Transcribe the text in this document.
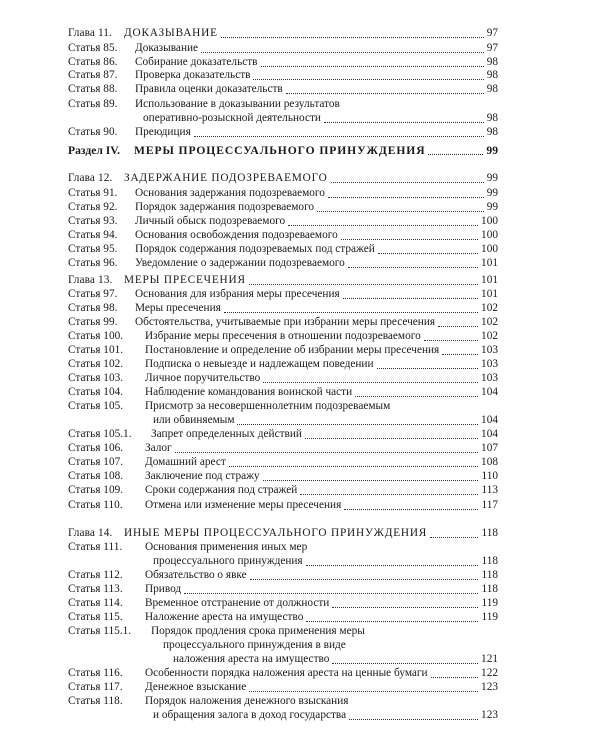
Глава 11. ДОКАЗЫВАНИЕ	97
Статья 85. Доказывание	97
Статья 86. Собирание доказательств	98
Статья 87. Проверка доказательств	98
Статья 88. Правила оценки доказательств	98
Статья 89. Использование в доказывании результатов
оперативно-розыскной деятельности	98
Статья 90. Преюдиция	98
Раздел IV. МЕРЫ ПРОЦЕССУАЛЬНОГО ПРИНУЖДЕНИЯ	99
Глава 12. ЗАДЕРЖАНИЕ ПОДОЗРЕВАЕМОГО	99
Статья 91. Основания задержания подозреваемого	99
Статья 92. Порядок задержания подозреваемого	99
Статья 93. Личный обыск подозреваемого	100
Статья 94. Основания освобождения подозреваемого	100
Статья 95. Порядок содержания подозреваемых под стражей	100
Статья 96. Уведомление о задержании подозреваемого	101
Глава 13. МЕРЫ ПРЕСЕЧЕНИЯ	101
Статья 97. Основания для избрания меры пресечения	101
Статья 98. Меры пресечения	102
Статья 99. Обстоятельства, учитываемые при избрании меры пресечения	102
Статья 100. Избрание меры пресечения в отношении подозреваемого	102
Статья 101. Постановление и определение об избрании меры пресечения	103
Статья 102. Подписка о невыезде и надлежащем поведении	103
Статья 103. Личное поручительство	103
Статья 104. Наблюдение командования воинской части	104
Статья 105. Присмотр за несовершеннолетним подозреваемым
или обвиняемым	104
Статья 105.1. Запрет определенных действий	104
Статья 106. Залог	107
Статья 107. Домашний арест	108
Статья 108. Заключение под стражу	110
Статья 109. Сроки содержания под стражей	113
Статья 110. Отмена или изменение меры пресечения	117
Глава 14. ИНЫЕ МЕРЫ ПРОЦЕССУАЛЬНОГО ПРИНУЖДЕНИЯ	118
Статья 111. Основания применения иных мер
процессуального принуждения	118
Статья 112. Обязательство о явке	118
Статья 113. Привод	118
Статья 114. Временное отстранение от должности	119
Статья 115. Наложение ареста на имущество	119
Статья 115.1. Порядок продления срока применения меры
процессуального принуждения в виде
наложения ареста на имущество	121
Статья 116. Особенности порядка наложения ареста на ценные бумаги	122
Статья 117. Денежное взыскание	123
Статья 118. Порядок наложения денежного взыскания
и обращения залога в доход государства	123
